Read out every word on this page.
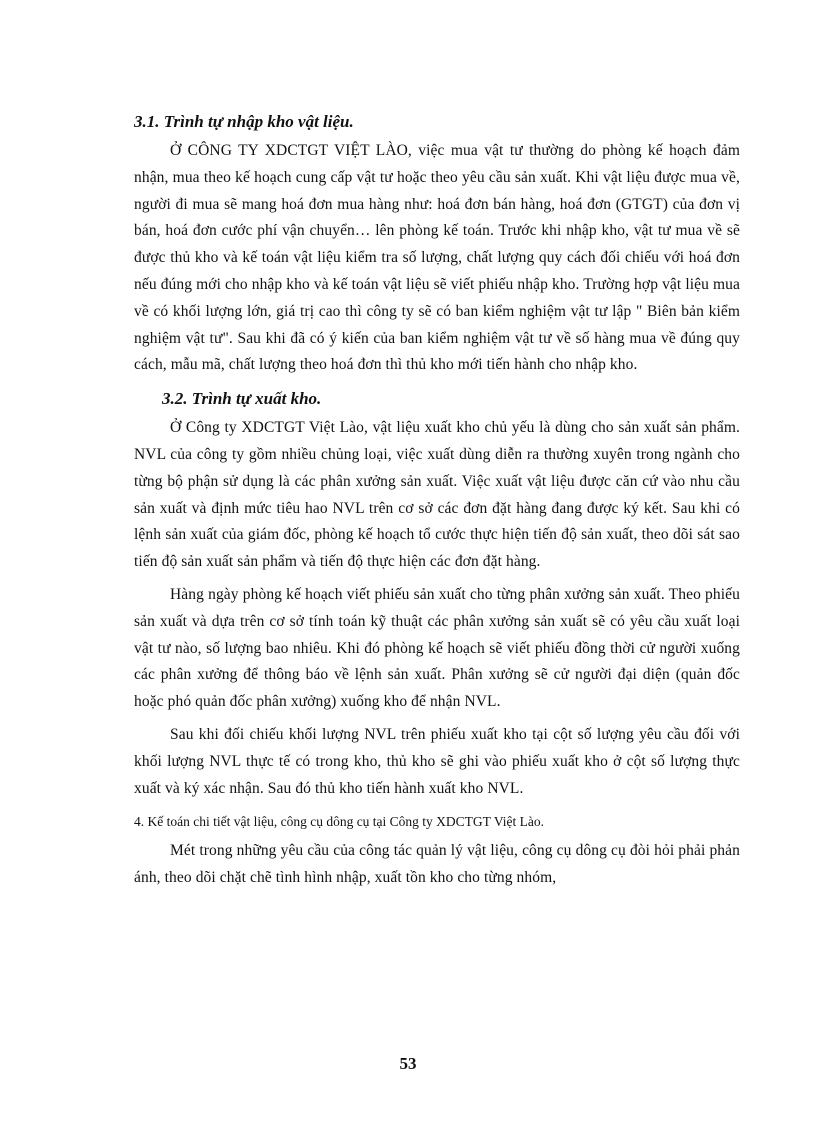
3.1. Trình tự nhập kho vật liệu.

Ở CÔNG TY XDCTGT VIỆT LÀO, việc mua vật tư thường do phòng kế hoạch đảm nhận, mua theo kế hoạch cung cấp vật tư hoặc theo yêu cầu sản xuất. Khi vật liệu được mua về, người đi mua sẽ mang hoá đơn mua hàng như: hoá đơn bán hàng, hoá đơn (GTGT) của đơn vị bán, hoá đơn cước phí vận chuyển… lên phòng kế toán. Trước khi nhập kho, vật tư mua về sẽ được thủ kho và kế toán vật liệu kiểm tra số lượng, chất lượng quy cách đối chiếu với hoá đơn nếu đúng mới cho nhập kho và kế toán vật liệu sẽ viết phiếu nhập kho. Trường hợp vật liệu mua về có khối lượng lớn, giá trị cao thì công ty sẽ có ban kiểm nghiệm vật tư lập " Biên bản kiểm nghiệm vật tư". Sau khi đã có ý kiến của ban kiểm nghiệm vật tư về số hàng mua về đúng quy cách, mẫu mã, chất lượng theo hoá đơn thì thủ kho mới tiến hành cho nhập kho.

3.2. Trình tự xuất kho.

Ở Công ty XDCTGT Việt Lào, vật liệu xuất kho chủ yếu là dùng cho sản xuất sản phẩm. NVL của công ty gồm nhiều chủng loại, việc xuất dùng diễn ra thường xuyên trong ngành cho từng bộ phận sử dụng là các phân xưởng sản xuất. Việc xuất vật liệu được căn cứ vào nhu cầu sản xuất và định mức tiêu hao NVL trên cơ sở các đơn đặt hàng đang được ký kết. Sau khi có lệnh sản xuất của giám đốc, phòng kế hoạch tổ cước thực hiện tiến độ sản xuất, theo dõi sát sao tiến độ sản xuất sản phẩm và tiến độ thực hiện các đơn đặt hàng.

Hàng ngày phòng kế hoạch viết phiếu sản xuất cho từng phân xưởng sản xuất. Theo phiếu sản xuất và dựa trên cơ sở tính toán kỹ thuật các phân xưởng sản xuất sẽ có yêu cầu xuất loại vật tư nào, số lượng bao nhiêu. Khi đó phòng kế hoạch sẽ viết phiếu đồng thời cử người xuống các phân xưởng để thông báo về lệnh sản xuất. Phân xưởng sẽ cử người đại diện (quản đốc hoặc phó quản đốc phân xưởng) xuống kho để nhận NVL.

Sau khi đối chiếu khối lượng NVL trên phiếu xuất kho tại cột số lượng yêu cầu đối với khối lượng NVL thực tế có trong kho, thủ kho sẽ ghi vào phiếu xuất kho ở cột số lượng thực xuất và ký xác nhận. Sau đó thủ kho tiến hành xuất kho NVL.

4. Kế toán chi tiết vật liệu, công cụ dông cụ tại Công ty XDCTGT Việt Lào.

Mét trong những yêu cầu của công tác quản lý vật liệu, công cụ dông cụ đòi hỏi phải phản ánh, theo dõi chặt chẽ tình hình nhập, xuất tồn kho cho từng nhóm,

53
